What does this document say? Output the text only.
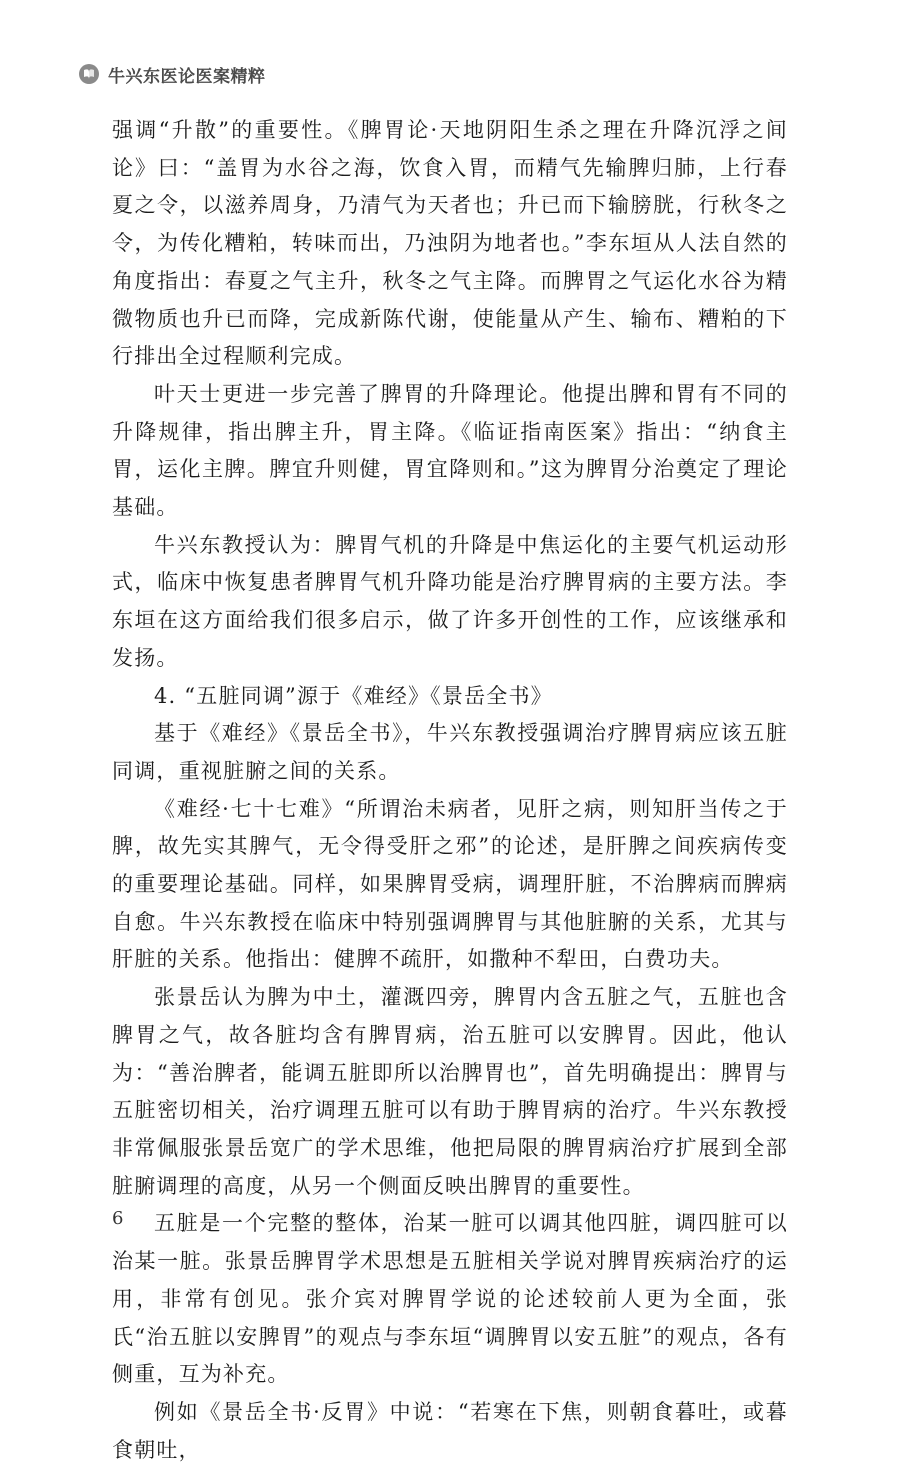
牛兴东医论医案精粹

强调“升散”的重要性。《脾胃论·天地阴阳生杀之理在升降沉浮之间论》曰：“盖胃为水谷之海，饮食入胃，而精气先输脾归肺，上行春夏之令，以滋养周身，乃清气为天者也；升已而下输膀胱，行秋冬之令，为传化糟粕，转味而出，乃浊阴为地者也。”李东垣从人法自然的角度指出：春夏之气主升，秋冬之气主降。而脾胃之气运化水谷为精微物质也升已而降，完成新陈代谢，使能量从产生、输布、糟粕的下行排出全过程顺利完成。

叶天士更进一步完善了脾胃的升降理论。他提出脾和胃有不同的升降规律，指出脾主升，胃主降。《临证指南医案》指出：“纳食主胃，运化主脾。脾宜升则健，胃宜降则和。”这为脾胃分治奠定了理论基础。

牛兴东教授认为：脾胃气机的升降是中焦运化的主要气机运动形式，临床中恢复患者脾胃气机升降功能是治疗脾胃病的主要方法。李东垣在这方面给我们很多启示，做了许多开创性的工作，应该继承和发扬。

4. “五脏同调”源于《难经》《景岳全书》

基于《难经》《景岳全书》，牛兴东教授强调治疗脾胃病应该五脏同调，重视脏腑之间的关系。

《难经·七十七难》“所谓治未病者，见肝之病，则知肝当传之于脾，故先实其脾气，无令得受肝之邪”的论述，是肝脾之间疾病传变的重要理论基础。同样，如果脾胃受病，调理肝脏，不治脾病而脾病自愈。牛兴东教授在临床中特别强调脾胃与其他脏腑的关系，尤其与肝脏的关系。他指出：健脾不疏肝，如撒种不犁田，白费功夫。

张景岳认为脾为中土，灌溉四旁，脾胃内含五脏之气，五脏也含脾胃之气，故各脏均含有脾胃病，治五脏可以安脾胃。因此，他认为：“善治脾者，能调五脏即所以治脾胃也”，首先明确提出：脾胃与五脏密切相关，治疗调理五脏可以有助于脾胃病的治疗。牛兴东教授非常佩服张景岳宽广的学术思维，他把局限的脾胃病治疗扩展到全部脏腑调理的高度，从另一个侧面反映出脾胃的重要性。

五脏是一个完整的整体，治某一脏可以调其他四脏，调四脏可以治某一脏。张景岳脾胃学术思想是五脏相关学说对脾胃疾病治疗的运用，非常有创见。张介宾对脾胃学说的论述较前人更为全面，张氏“治五脏以安脾胃”的观点与李东垣“调脾胃以安五脏”的观点，各有侧重，互为补充。

例如《景岳全书·反胃》中说：“若寒在下焦，则朝食暮吐，或暮食朝吐，

6
